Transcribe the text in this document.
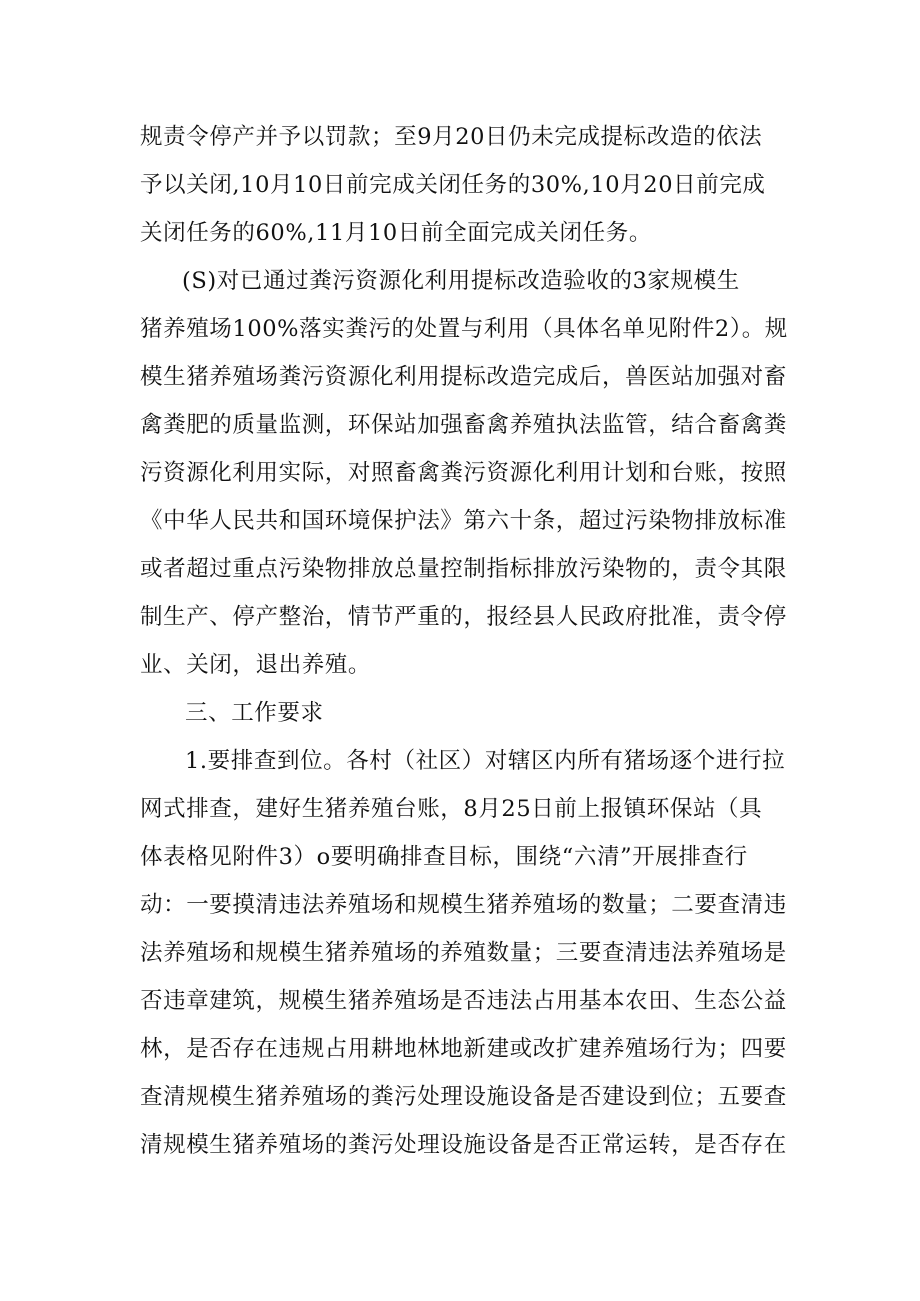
规责令停产并予以罚款；至9月20日仍未完成提标改造的依法
予以关闭,10月10日前完成关闭任务的30%,10月20日前完成
关闭任务的60%,11月10日前全面完成关闭任务。
(S)对已通过粪污资源化利用提标改造验收的3家规模生
猪养殖场100%落实粪污的处置与利用（具体名单见附件2）。规
模生猪养殖场粪污资源化利用提标改造完成后，兽医站加强对畜
禽粪肥的质量监测，环保站加强畜禽养殖执法监管，结合畜禽粪
污资源化利用实际，对照畜禽粪污资源化利用计划和台账，按照
《中华人民共和国环境保护法》第六十条，超过污染物排放标准
或者超过重点污染物排放总量控制指标排放污染物的，责令其限
制生产、停产整治，情节严重的，报经县人民政府批准，责令停
业、关闭，退出养殖。
三、工作要求
1.要排查到位。各村（社区）对辖区内所有猪场逐个进行拉
网式排查，建好生猪养殖台账，8月25日前上报镇环保站（具
体表格见附件3）o要明确排查目标，围绕“六清”开展排查行
动：一要摸清违法养殖场和规模生猪养殖场的数量；二要查清违
法养殖场和规模生猪养殖场的养殖数量；三要查清违法养殖场是
否违章建筑，规模生猪养殖场是否违法占用基本农田、生态公益
林，是否存在违规占用耕地林地新建或改扩建养殖场行为；四要
查清规模生猪养殖场的粪污处理设施设备是否建设到位；五要查
清规模生猪养殖场的粪污处理设施设备是否正常运转，是否存在
